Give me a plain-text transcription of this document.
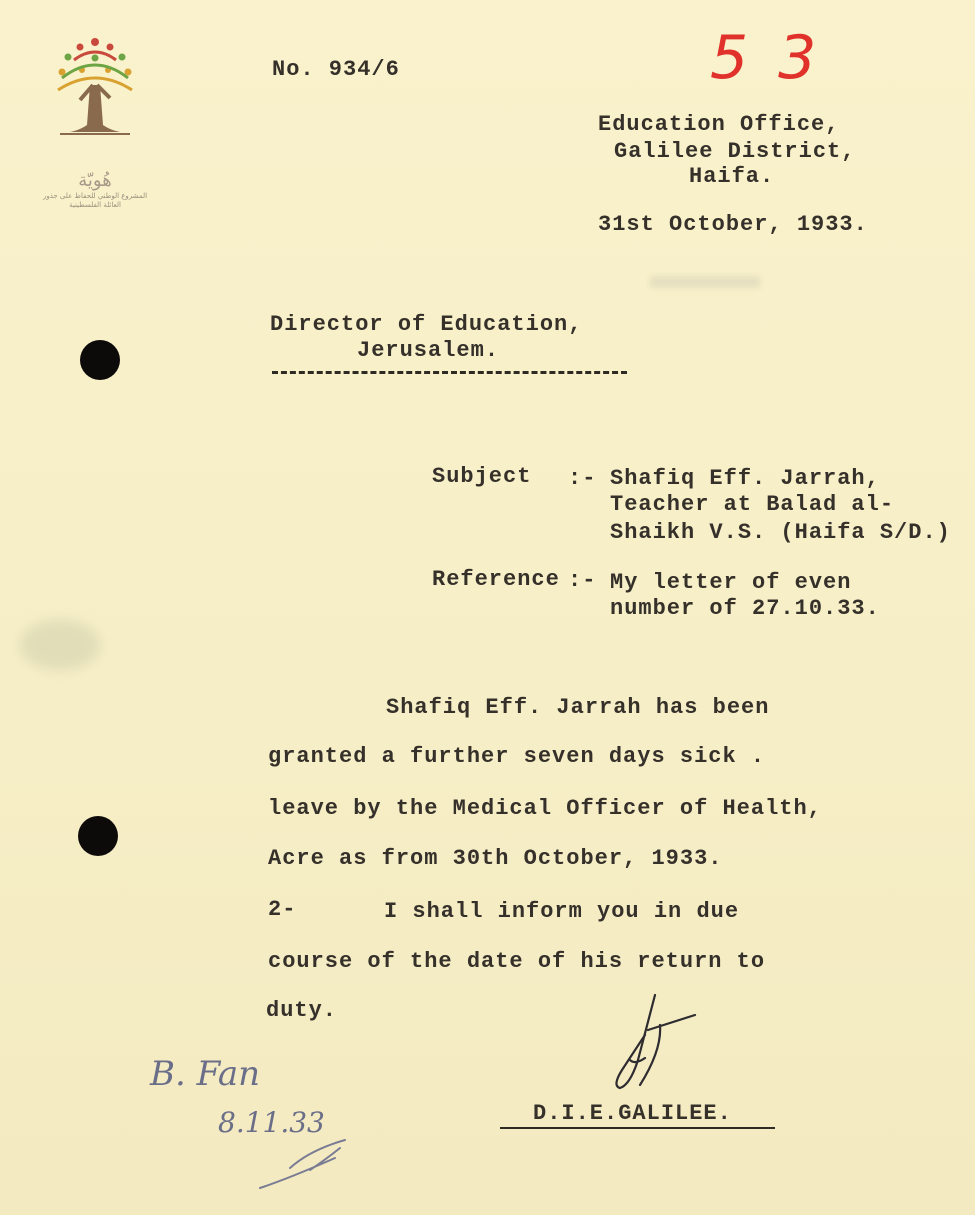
هُويّة
المشروع الوطني للحفاظ على جذور العائلة الفلسطينية
53
No. 934/6
Education Office,
Galilee District,
Haifa.
31st October, 1933.
Director of Education,
Jerusalem.
Subject :- Shafiq Eff. Jarrah,
Teacher at Balad al-
Shaikh V.S. (Haifa S/D.)
Reference :- My letter of even
number of 27.10.33.
Shafiq Eff. Jarrah has been
granted a further seven days sick .
leave by the Medical Officer of Health,
Acre as from 30th October, 1933.
2-	I shall inform you in due
course of the date of his return to
duty.
D.I.E.GALILEE.
B. Fan
8.11.33
